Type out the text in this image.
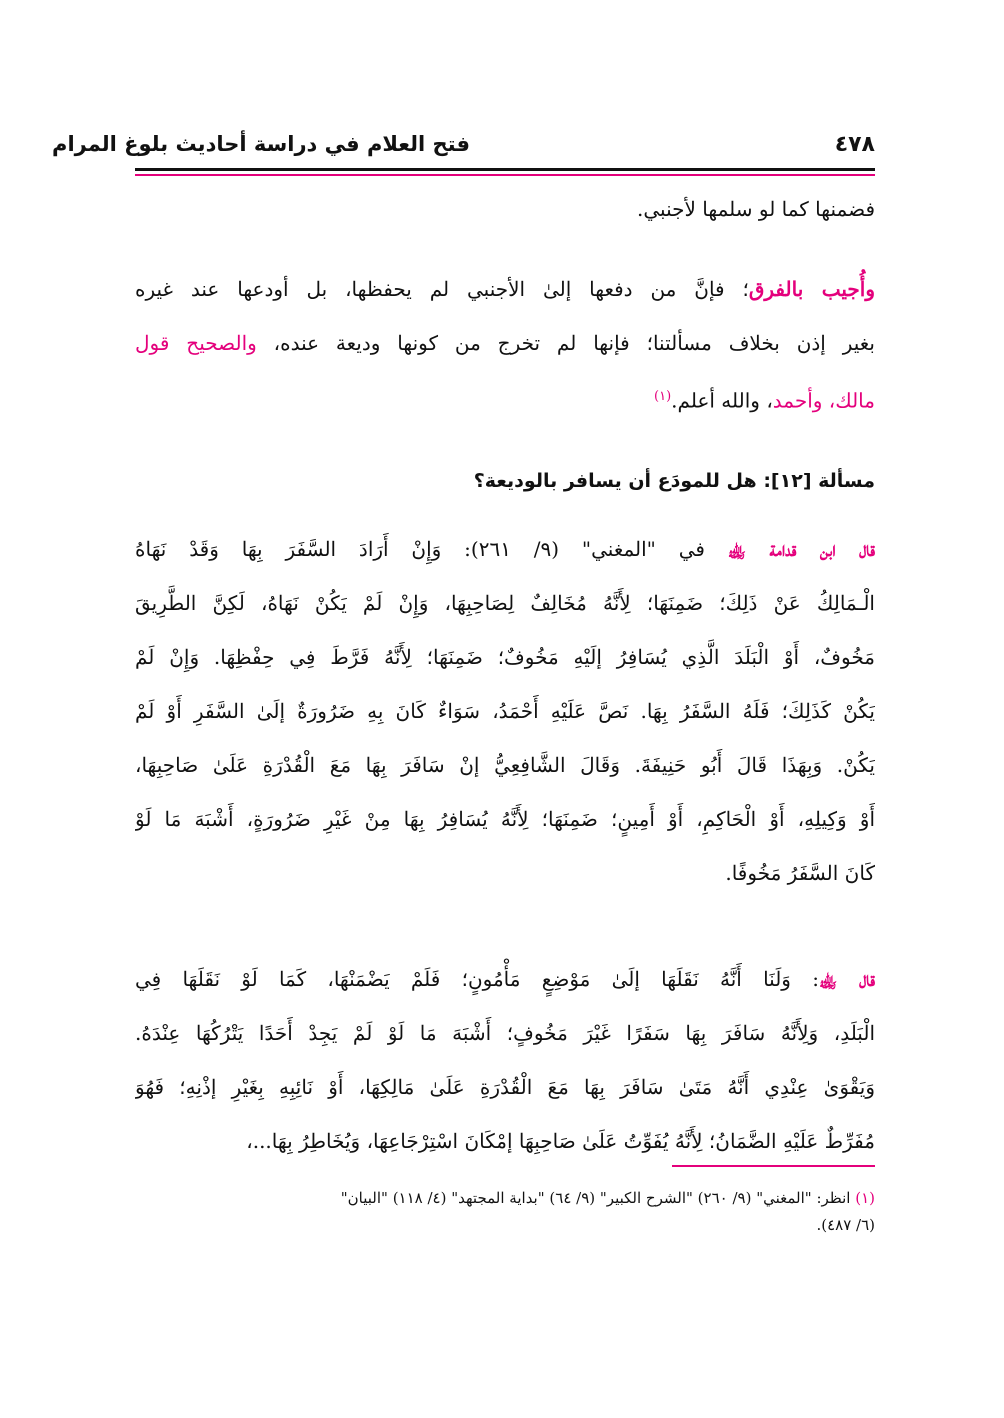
٤٧٨
فتح العلام في دراسة أحاديث بلوغ المرام
فضمنها كما لو سلمها لأجنبي.
وأُجيب بالفرق؛ فإنَّ من دفعها إلىٰ الأجنبي لم يحفظها، بل أودعها عند غيره
بغير إذن بخلاف مسألتنا؛ فإنها لم تخرج من كونها وديعة عنده، والصحيح قول
مالك، وأحمد، والله أعلم.$^{(١)}$
مسألة [١٢]: هل للمودَع أن يسافر بالوديعة؟
قال ابن قدامة ﵀ في "المغني" (٩/ ٢٦١): وَإِنْ أَرَادَ السَّفَرَ بِهَا وَقَدْ نَهَاهُ
الْـمَالِكُ عَنْ ذَلِكَ؛ ضَمِنَهَا؛ لِأَنَّهُ مُخَالِفٌ لِصَاحِبِهَا، وَإِنْ لَمْ يَكُنْ نَهَاهُ، لَكِنَّ الطَّرِيقَ
مَخُوفٌ، أَوْ الْبَلَدَ الَّذِي يُسَافِرُ إلَيْهِ مَخُوفٌ؛ ضَمِنَهَا؛ لِأَنَّهُ فَرَّطَ فِي حِفْظِهَا. وَإِنْ لَمْ
يَكُنْ كَذَلِكَ؛ فَلَهُ السَّفَرُ بِهَا. نَصَّ عَلَيْهِ أَحْمَدُ، سَوَاءٌ كَانَ بِهِ ضَرُورَةٌ إلَىٰ السَّفَرِ أَوْ لَمْ
يَكُنْ. وَبِهَذَا قَالَ أَبُو حَنِيفَةَ. وَقَالَ الشَّافِعِيُّ إنْ سَافَرَ بِهَا مَعَ الْقُدْرَةِ عَلَىٰ صَاحِبِهَا،
أَوْ وَكِيلِهِ، أَوْ الْحَاكِمِ، أَوْ أَمِينٍ؛ ضَمِنَهَا؛ لِأَنَّهُ يُسَافِرُ بِهَا مِنْ غَيْرِ ضَرُورَةٍ، أَشْبَهَ مَا لَوْ
كَانَ السَّفَرُ مَخُوفًا.
قال ﵀: وَلَنَا أَنَّهُ نَقَلَهَا إلَىٰ مَوْضِعٍ مَأْمُونٍ؛ فَلَمْ يَضْمَنْهَا، كَمَا لَوْ نَقَلَهَا فِي
الْبَلَدِ، وَلِأَنَّهُ سَافَرَ بِهَا سَفَرًا غَيْرَ مَخُوفٍ؛ أَشْبَهَ مَا لَوْ لَمْ يَجِدْ أَحَدًا يَتْرُكُهَا عِنْدَهُ.
وَيَقْوَىٰ عِنْدِي أَنَّهُ مَتَىٰ سَافَرَ بِهَا مَعَ الْقُدْرَةِ عَلَىٰ مَالِكِهَا، أَوْ نَائِبِهِ بِغَيْرِ إذْنِهِ؛ فَهُوَ
مُفَرِّطٌ عَلَيْهِ الضَّمَانُ؛ لِأَنَّهُ يُفَوِّتُ عَلَىٰ صَاحِبِهَا إمْكَانَ اسْتِرْجَاعِهَا، وَيُخَاطِرُ بِهَا...،
(١) انظر: "المغني" (٩/ ٢٦٠) "الشرح الكبير" (٩/ ٦٤) "بداية المجتهد" (٤/ ١١٨) "البيان"
(٦/ ٤٨٧).
